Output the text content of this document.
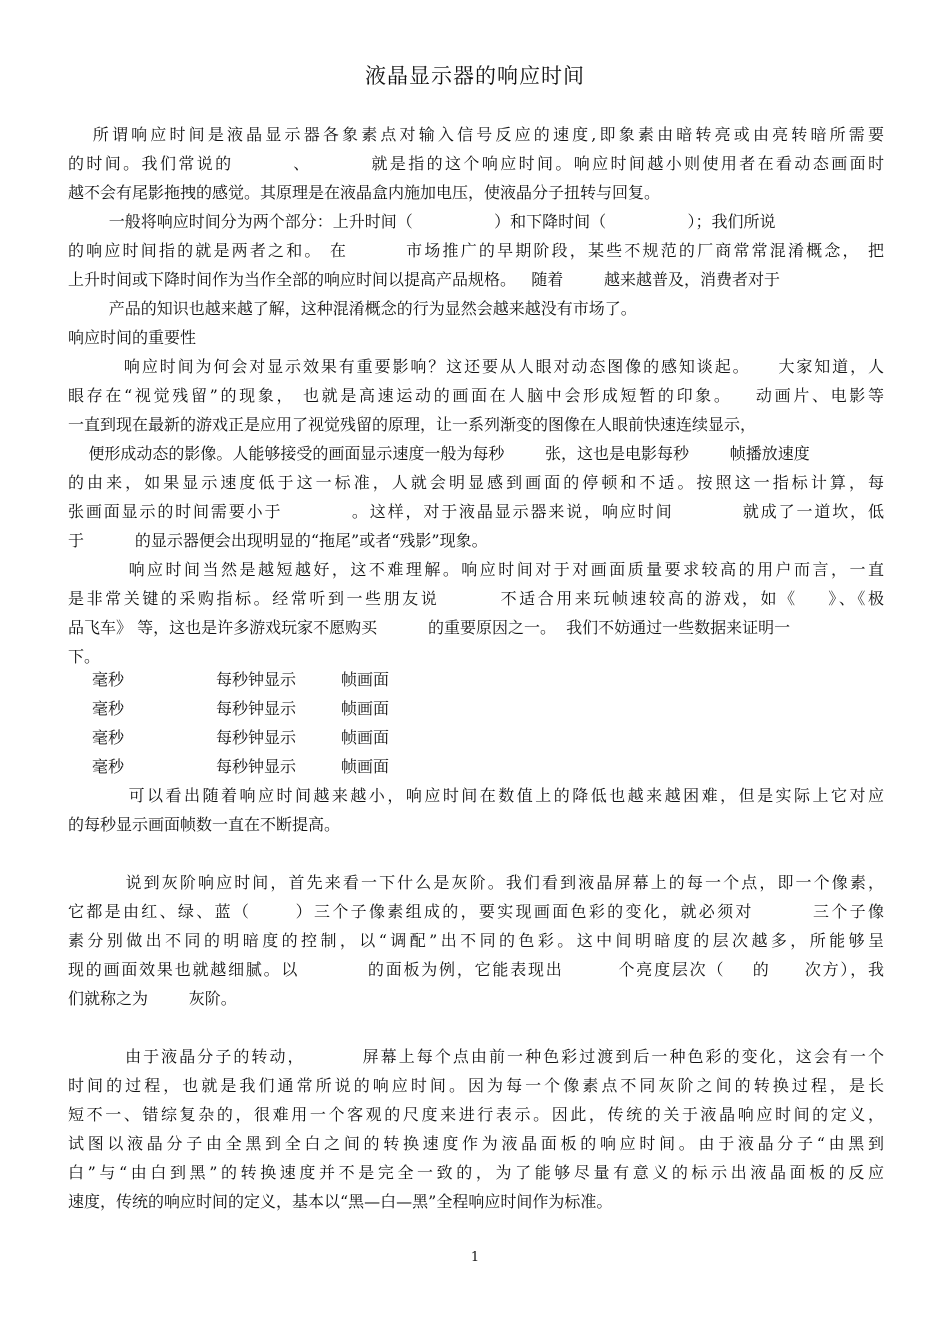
液晶显示器的响应时间
所谓响应时间是液晶显示器各象素点对输入信号反应的速度,即象素由暗转亮或由亮转暗所需要
的时间。我们常说的        、        就是指的这个响应时间。响应时间越小则使用者在看动态画面时
越不会有尾影拖拽的感觉。其原理是在液晶盒内施加电压，使液晶分子扭转与回复。
一般将响应时间分为两个部分：上升时间（                ）和下降时间（                ）；我们所说
的响应时间指的就是两者之和。 在        市场推广的早期阶段，某些不规范的厂商常常混淆概念， 把
上升时间或下降时间作为当作全部的响应时间以提高产品规格。   随着        越来越普及，消费者对于
产品的知识也越来越了解，这种混淆概念的行为显然会越来越没有市场了。
响应时间的重要性
响应时间为何会对显示效果有重要影响？这还要从人眼对动态图像的感知谈起。    大家知道，人
眼存在“视觉残留”的现象， 也就是高速运动的画面在人脑中会形成短暂的印象。   动画片、电影等
一直到现在最新的游戏正是应用了视觉残留的原理，让一系列渐变的图像在人眼前快速连续显示，
便形成动态的影像。人能够接受的画面显示速度一般为每秒        张，这也是电影每秒        帧播放速度
的由来，如果显示速度低于这一标准，人就会明显感到画面的停顿和不适。按照这一指标计算，每
张画面显示的时间需要小于          。这样，对于液晶显示器来说，响应时间          就成了一道坎，低
于          的显示器便会出现明显的“拖尾”或者“残影”现象。
响应时间当然是越短越好，这不难理解。响应时间对于对画面质量要求较高的用户而言，一直
是非常关键的采购指标。经常听到一些朋友说        不适合用来玩帧速较高的游戏，如《    》、《极
品飞车》 等，这也是许多游戏玩家不愿购买          的重要原因之一。  我们不妨通过一些数据来证明一
下。
毫秒	每秒钟显示	帧画面
毫秒	每秒钟显示	帧画面
毫秒	每秒钟显示	帧画面
毫秒	每秒钟显示	帧画面
可以看出随着响应时间越来越小，响应时间在数值上的降低也越来越困难，但是实际上它对应
的每秒显示画面帧数一直在不断提高。
说到灰阶响应时间，首先来看一下什么是灰阶。我们看到液晶屏幕上的每一个点，即一个像素，
它都是由红、绿、蓝（      ）三个子像素组成的，要实现画面色彩的变化，就必须对        三个子像
素分别做出不同的明暗度的控制，以“调配”出不同的色彩。这中间明暗度的层次越多，所能够呈
现的画面效果也就越细腻。以          的面板为例，它能表现出        个亮度层次（    的     次方），我
们就称之为        灰阶。
由于液晶分子的转动，        屏幕上每个点由前一种色彩过渡到后一种色彩的变化，这会有一个
时间的过程，也就是我们通常所说的响应时间。因为每一个像素点不同灰阶之间的转换过程，是长
短不一、错综复杂的，很难用一个客观的尺度来进行表示。因此，传统的关于液晶响应时间的定义，
试图以液晶分子由全黑到全白之间的转换速度作为液晶面板的响应时间。由于液晶分子“由黑到
白”与“由白到黑”的转换速度并不是完全一致的，为了能够尽量有意义的标示出液晶面板的反应
速度，传统的响应时间的定义，基本以“黑—白—黑”全程响应时间作为标准。
1
